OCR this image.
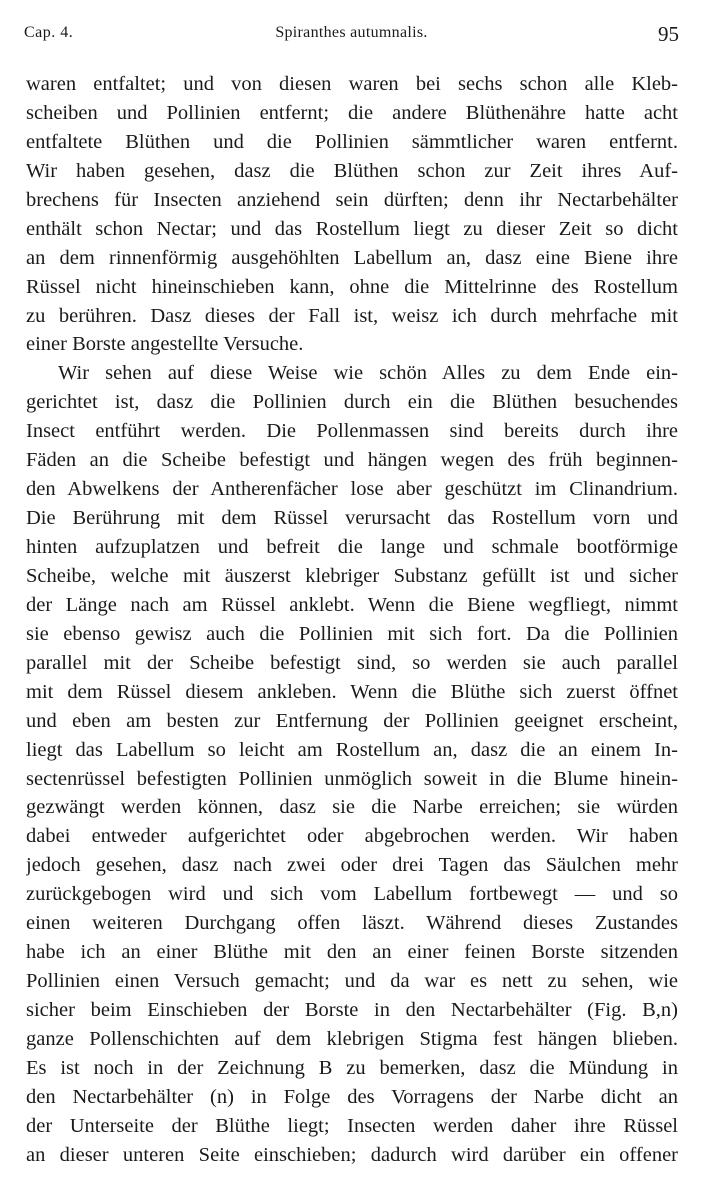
Cap. 4.	Spiranthes autumnalis.	95
waren entfaltet; und von diesen waren bei sechs schon alle Kleb-
scheiben und Pollinien entfernt; die andere Blüthenähre hatte acht
entfaltete Blüthen und die Pollinien sämmtlicher waren entfernt.
Wir haben gesehen, dasz die Blüthen schon zur Zeit ihres Auf-
brechens für Insecten anziehend sein dürften; denn ihr Nectarbehälter
enthält schon Nectar; und das Rostellum liegt zu dieser Zeit so dicht
an dem rinnenförmig ausgehöhlten Labellum an, dasz eine Biene ihre
Rüssel nicht hineinschieben kann, ohne die Mittelrinne des Rostellum
zu berühren. Dasz dieses der Fall ist, weisz ich durch mehrfache mit
einer Borste angestellte Versuche.
Wir sehen auf diese Weise wie schön Alles zu dem Ende ein-
gerichtet ist, dasz die Pollinien durch ein die Blüthen besuchendes
Insect entführt werden. Die Pollenmassen sind bereits durch ihre
Fäden an die Scheibe befestigt und hängen wegen des früh beginnen-
den Abwelkens der Antherenfächer lose aber geschützt im Clinandrium.
Die Berührung mit dem Rüssel verursacht das Rostellum vorn und
hinten aufzuplatzen und befreit die lange und schmale bootförmige
Scheibe, welche mit äuszerst klebriger Substanz gefüllt ist und sicher
der Länge nach am Rüssel anklebt. Wenn die Biene wegfliegt, nimmt
sie ebenso gewisz auch die Pollinien mit sich fort. Da die Pollinien
parallel mit der Scheibe befestigt sind, so werden sie auch parallel
mit dem Rüssel diesem ankleben. Wenn die Blüthe sich zuerst öffnet
und eben am besten zur Entfernung der Pollinien geeignet erscheint,
liegt das Labellum so leicht am Rostellum an, dasz die an einem In-
sectenrüssel befestigten Pollinien unmöglich soweit in die Blume hinein-
gezwängt werden können, dasz sie die Narbe erreichen; sie würden
dabei entweder aufgerichtet oder abgebrochen werden. Wir haben
jedoch gesehen, dasz nach zwei oder drei Tagen das Säulchen mehr
zurückgebogen wird und sich vom Labellum fortbewegt — und so
einen weiteren Durchgang offen läszt. Während dieses Zustandes
habe ich an einer Blüthe mit den an einer feinen Borste sitzenden
Pollinien einen Versuch gemacht; und da war es nett zu sehen, wie
sicher beim Einschieben der Borste in den Nectarbehälter (Fig. B,n)
ganze Pollenschichten auf dem klebrigen Stigma fest hängen blieben.
Es ist noch in der Zeichnung B zu bemerken, dasz die Mündung in
den Nectarbehälter (n) in Folge des Vorragens der Narbe dicht an
der Unterseite der Blüthe liegt; Insecten werden daher ihre Rüssel
an dieser unteren Seite einschieben; dadurch wird darüber ein offener
